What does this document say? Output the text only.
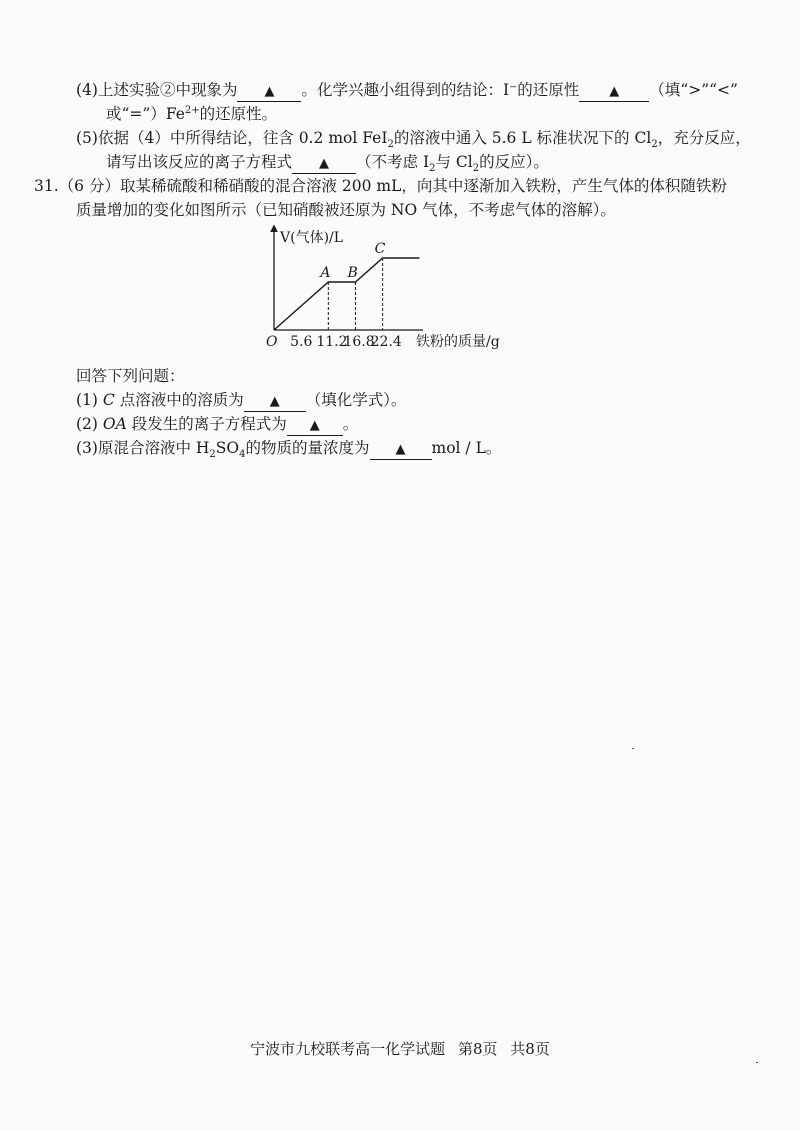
(4)上述实验②中现象为 ▲ 。化学兴趣小组得到的结论：I⁻的还原性 ▲ （填“>”“<”
或“$=”)Fe^{2+}$的还原性。
(5)依据（4）中所得结论，往含 0.2 mol FeI$_2$的溶液中通入 5.6 L 标准状况下的 $Cl_2$，充分反应，
请写出该反应的离子方程式 ▲ （不考虑 $I_2$与 $Cl_2$的反应）。
31.（6 分）取某稀硫酸和稀硝酸的混合溶液 200 mL，向其中逐渐加入铁粉，产生气体的体积随铁粉
质量增加的变化如图所示（已知硝酸被还原为 NO 气体，不考虑气体的溶解）。
V(气体)/L
O	铁粉的质量/g
A B
C
5.6 11.2
16.8
22.4
回答下列问题：
(1) C 点溶液中的溶质为 ▲ （填化学式）。
(2) OA 段发生的离子方程式为 ▲ 。
(3)原混合溶液中 $H_2SO_4$的物质的量浓度为 ▲ mol / L。
宁波市九校联考高一化学试题 第8页 共8页
